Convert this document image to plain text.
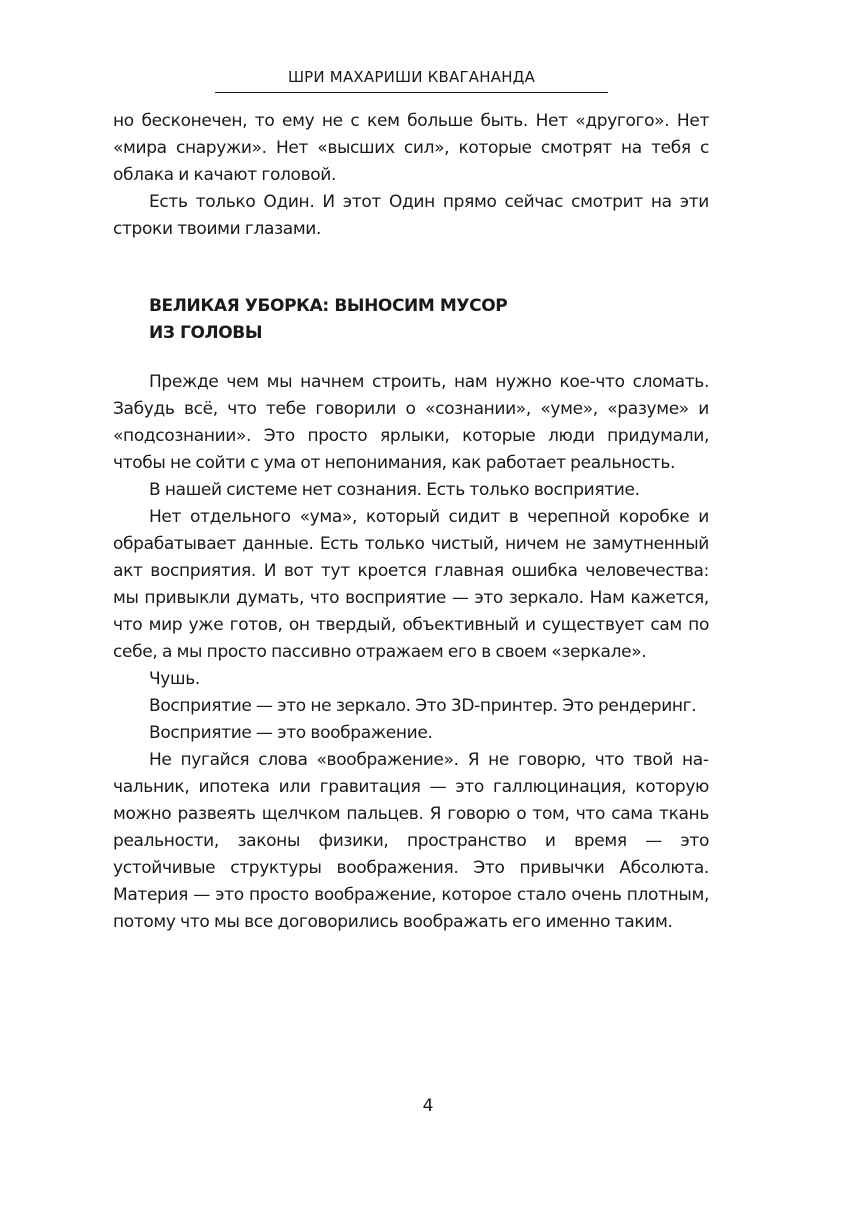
ШРИ МАХАРИШИ КВАГАНАНДА

но бесконечен, то ему не с кем больше быть. Нет «другого». Нет «мира снаружи». Нет «высших сил», которые смотрят на тебя с облака и качают головой.

Есть только Один. И этот Один прямо сейчас смотрит на эти строки твоими глазами.

ВЕЛИКАЯ УБОРКА: ВЫНОСИМ МУСОР
ИЗ ГОЛОВЫ

Прежде чем мы начнем строить, нам нужно кое-что сломать. Забудь всё, что тебе говорили о «сознании», «уме», «разуме» и «подсознании». Это просто ярлыки, которые люди придумали, чтобы не сойти с ума от непонимания, как работает реальность.

В нашей системе нет сознания. Есть только восприятие.

Нет отдельного «ума», который сидит в черепной коробке и обрабатывает данные. Есть только чистый, ничем не замутненный акт восприятия. И вот тут кроется главная ошибка человечества: мы привыкли думать, что восприятие — это зеркало. Нам кажется, что мир уже готов, он твердый, объективный и существует сам по себе, а мы просто пассивно отражаем его в своем «зеркале».

Чушь.

Восприятие — это не зеркало. Это 3D-принтер. Это рендеринг.

Восприятие — это воображение.

Не пугайся слова «воображение». Я не говорю, что твой начальник, ипотека или гравитация — это галлюцинация, которую можно развеять щелчком пальцев. Я говорю о том, что сама ткань реальности, законы физики, пространство и время — это устойчивые структуры воображения. Это привычки Абсолюта. Материя — это просто воображение, которое стало очень плотным, потому что мы все договорились воображать его именно таким.

4
